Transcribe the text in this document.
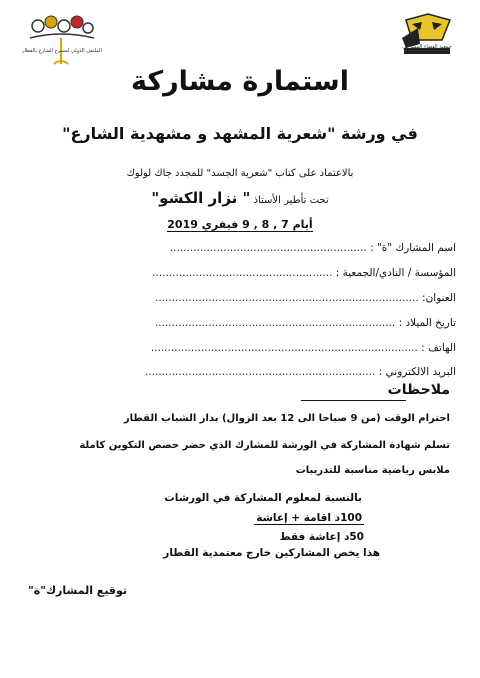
جمعية الفضاء المسرحي
الملتقى الدولي لمسرح الشارع بالقطار
استمارة مشاركة
في ورشة "شعرية المشهد و مشهدية الشارع"
بالاعتماد على كتاب "شعرية الجسد" للمجدد جاك لولوك
تحت تأطير الأستاذ " نزار الكشو"
أيام 7 , 8 , 9 فيفري 2019
اسم المشارك "ة" : ...........................................................
المؤسسة / النادي/الجمعية : ......................................................
العنوان: ...............................................................................
تاريخ الميلاد : ........................................................................
الهاتف : ................................................................................
البريد الالكتروني : .....................................................................
ملاحظات
احترام الوقت (من 9 صباحا الى 12 بعد الزوال) بدار الشباب القطار
تسلم شهادة المشاركة في الورشة للمشارك الذي حضر حصص التكوين كاملة
ملابس رياضية مناسبة للتدريبات
بالنسبة لمعلوم المشاركة في الورشات
100د اقامة + إعاشة
50د إعاشة فقط
هذا يخص المشاركين خارج معتمدية القطار
توقيع المشارك"ة"
